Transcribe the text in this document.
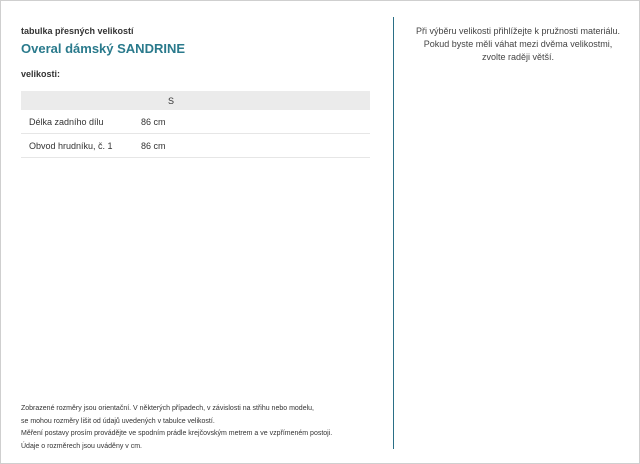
tabulka přesných velikostí
Overal dámský SANDRINE
velikosti:
	S	
Délka zadního dílu	86 cm	
Obvod hrudníku, č. 1	86 cm	
Při výběru velikosti přihlížejte k pružnosti materiálu.
Pokud byste měli váhat mezi dvěma velikostmi,
zvolte raději větší.
Zobrazené rozměry jsou orientační. V některých případech, v závislosti na střihu nebo modelu,
se mohou rozměry lišit od údajů uvedených v tabulce velikostí.
Měření postavy prosím provádějte ve spodním prádle krejčovským metrem a ve vzpřímeném postoji.
Údaje o rozměrech jsou uváděny v cm.
